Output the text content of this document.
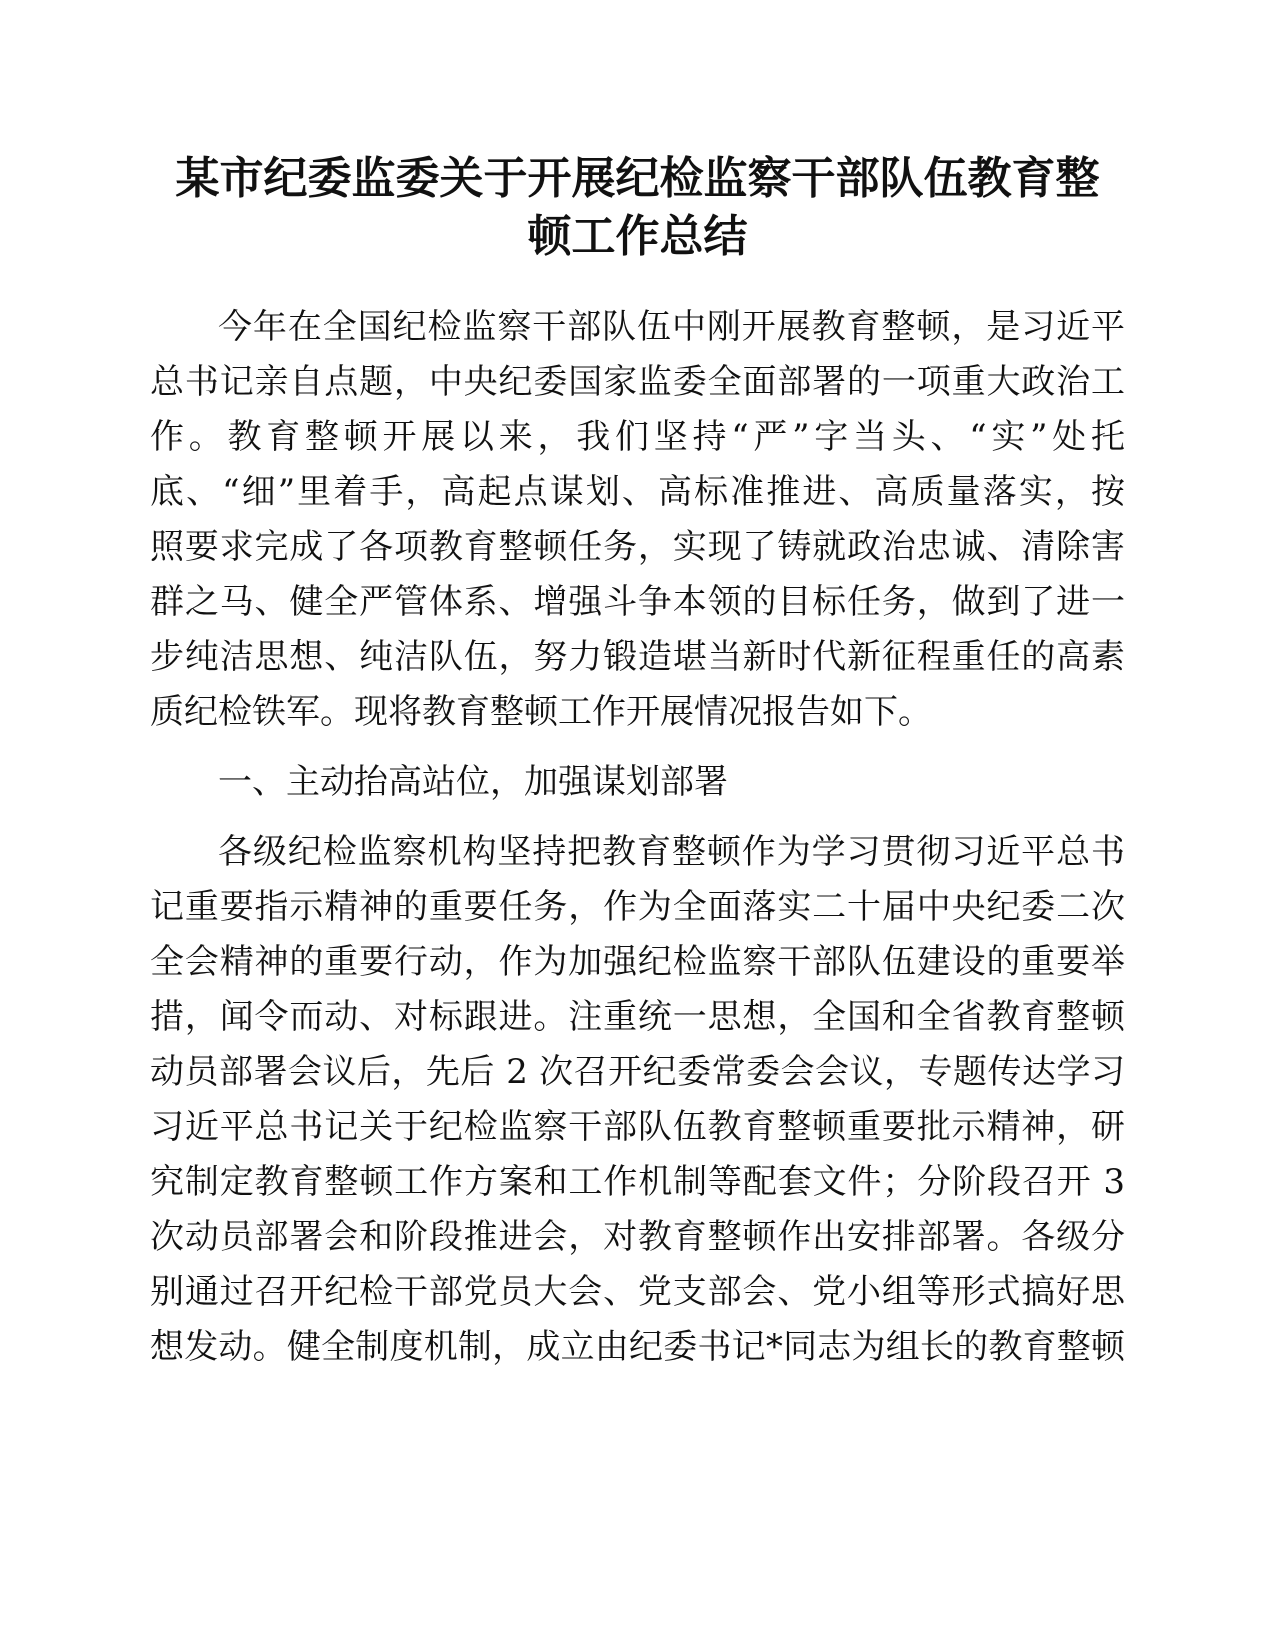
某市纪委监委关于开展纪检监察干部队伍教育整
顿工作总结
今年在全国纪检监察干部队伍中刚开展教育整顿，是习近平
总书记亲自点题，中央纪委国家监委全面部署的一项重大政治工
作。教育整顿开展以来，我们坚持“严”字当头、“实”处托
底、“细”里着手，高起点谋划、高标准推进、高质量落实，按
照要求完成了各项教育整顿任务，实现了铸就政治忠诚、清除害
群之马、健全严管体系、增强斗争本领的目标任务，做到了进一
步纯洁思想、纯洁队伍，努力锻造堪当新时代新征程重任的高素
质纪检铁军。现将教育整顿工作开展情况报告如下。
一、主动抬高站位，加强谋划部署
各级纪检监察机构坚持把教育整顿作为学习贯彻习近平总书
记重要指示精神的重要任务，作为全面落实二十届中央纪委二次
全会精神的重要行动，作为加强纪检监察干部队伍建设的重要举
措，闻令而动、对标跟进。注重统一思想，全国和全省教育整顿
动员部署会议后，先后 2 次召开纪委常委会会议，专题传达学习
习近平总书记关于纪检监察干部队伍教育整顿重要批示精神，研
究制定教育整顿工作方案和工作机制等配套文件；分阶段召开 3
次动员部署会和阶段推进会，对教育整顿作出安排部署。各级分
别通过召开纪检干部党员大会、党支部会、党小组等形式搞好思
想发动。健全制度机制，成立由纪委书记*同志为组长的教育整顿
